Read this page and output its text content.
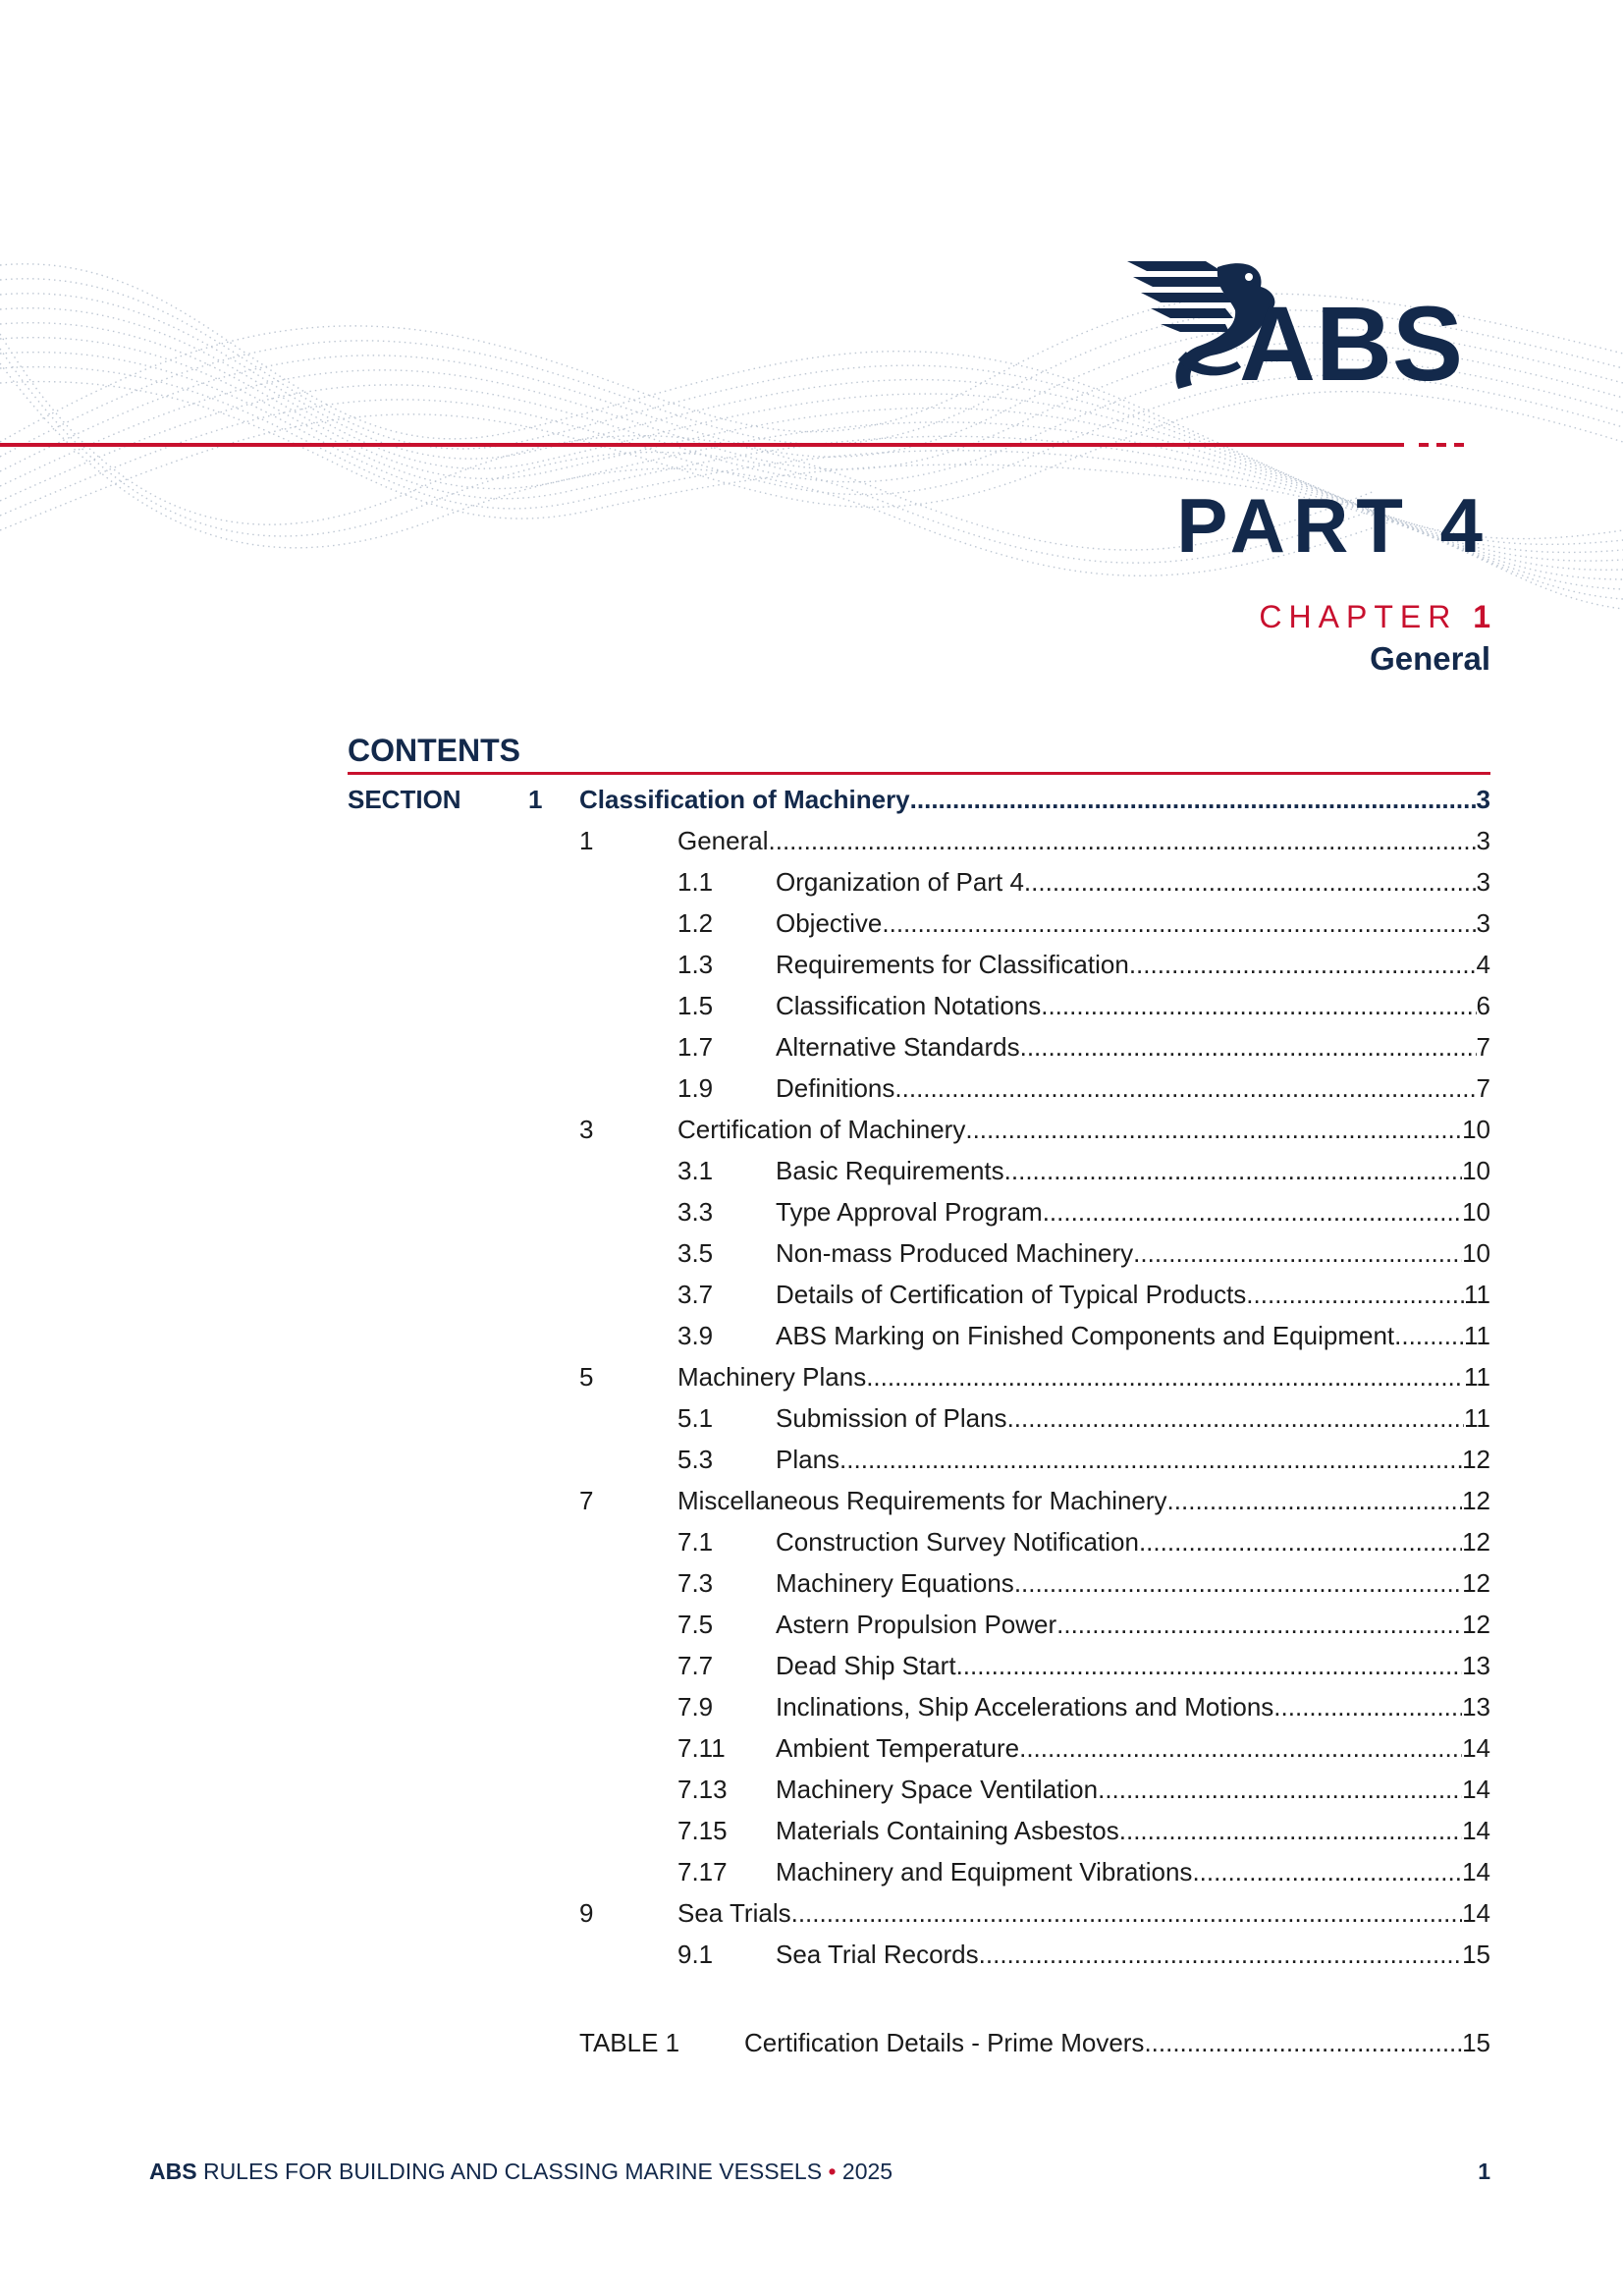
ABS
PART 4
CHAPTER 1
General
CONTENTS
SECTION	1 Classification of Machinery .....	3
1	General .....	3
1.1 Organization of Part 4 .....	3
1.2 Objective .....	3
1.3 Requirements for Classification .....	4
1.5 Classification Notations .....	6
1.7 Alternative Standards .....	7
1.9 Definitions .....	7
3	Certification of Machinery .....	10
3.1 Basic Requirements .....	10
3.3 Type Approval Program .....	10
3.5 Non-mass Produced Machinery .....	10
3.7 Details of Certification of Typical Products .....	11
3.9 ABS Marking on Finished Components and Equipment .....	11
5	Machinery Plans .....	11
5.1 Submission of Plans .....	11
5.3 Plans .....	12
7	Miscellaneous Requirements for Machinery .....	12
7.1 Construction Survey Notification .....	12
7.3 Machinery Equations .....	12
7.5 Astern Propulsion Power .....	12
7.7 Dead Ship Start .....	13
7.9 Inclinations, Ship Accelerations and Motions .....	13
7.11 Ambient Temperature .....	14
7.13 Machinery Space Ventilation .....	14
7.15 Materials Containing Asbestos .....	14
7.17 Machinery and Equipment Vibrations .....	14
9	Sea Trials .....	14
9.1 Sea Trial Records .....	15
TABLE 1	Certification Details - Prime Movers .....	15
ABS RULES FOR BUILDING AND CLASSING MARINE VESSELS • 2025	1
